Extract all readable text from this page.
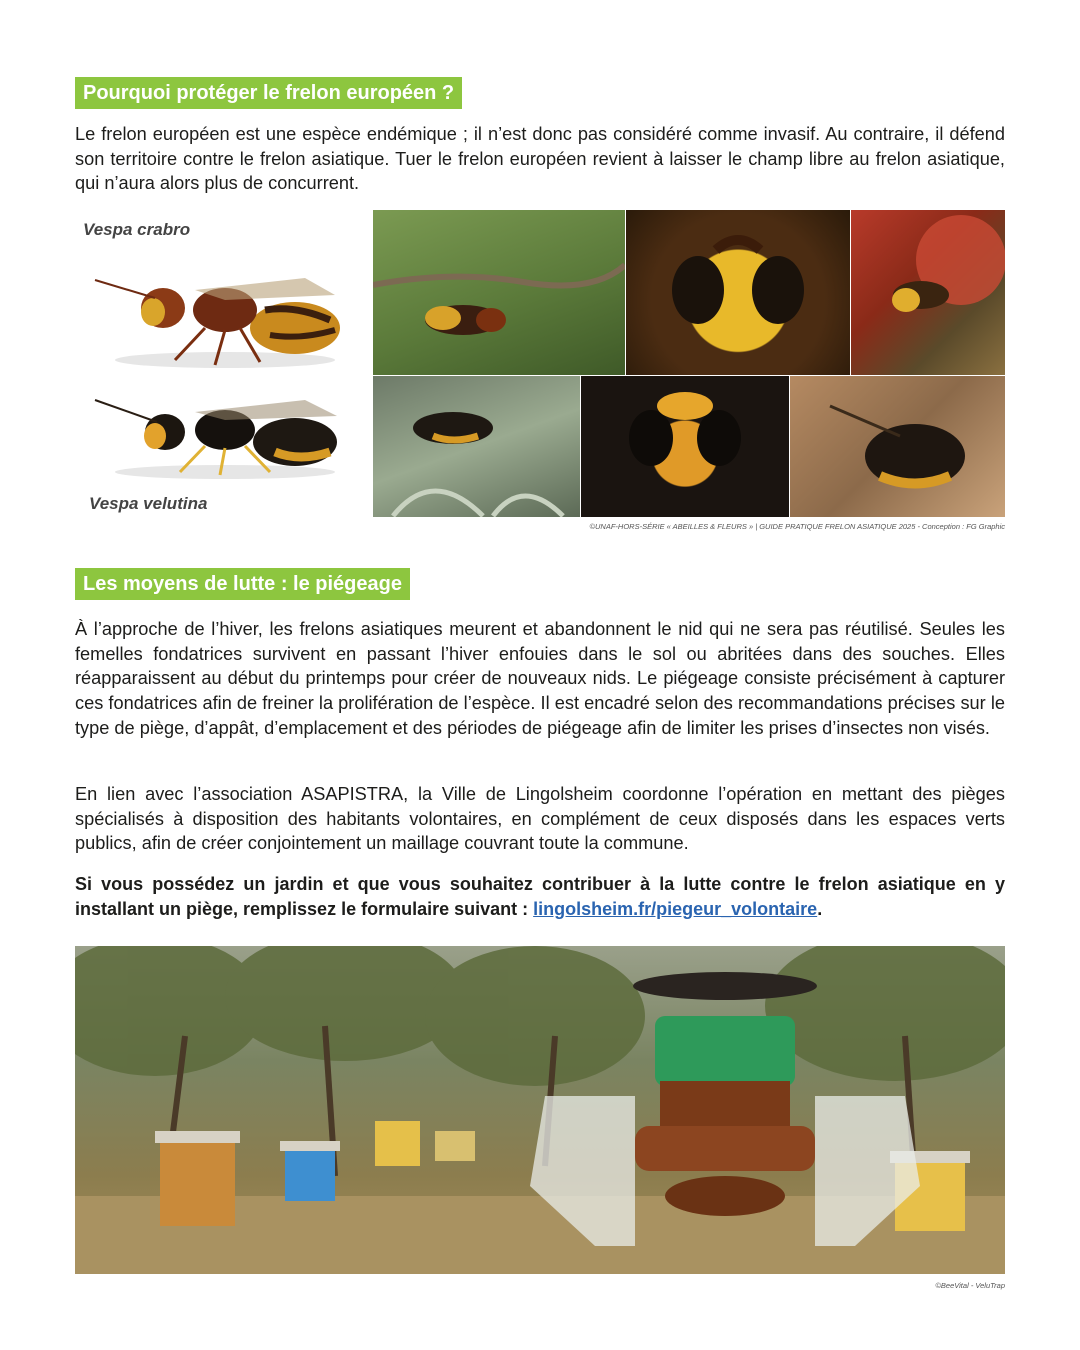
Pourquoi protéger le frelon européen ?

Le frelon européen est une espèce endémique ; il n’est donc pas considéré comme invasif. Au contraire, il défend son territoire contre le frelon asiatique. Tuer le frelon européen revient à laisser le champ libre au frelon asiatique, qui n’aura alors plus de concurrent.

Vespa crabro
Vespa velutina
©UNAF-HORS-SÉRIE « ABEILLES & FLEURS » | GUIDE PRATIQUE FRELON ASIATIQUE 2025 - Conception : FG Graphic
Les moyens de lutte : le piégeage

À l’approche de l’hiver, les frelons asiatiques meurent et abandonnent le nid qui ne sera pas réutilisé. Seules les femelles fondatrices survivent en passant l’hiver enfouies dans le sol ou abritées dans des souches. Elles réapparaissent au début du printemps pour créer de nouveaux nids. Le piégeage consiste précisément à capturer ces fondatrices afin de freiner la prolifération de l’espèce. Il est encadré selon des recommandations précises sur le type de piège, d’appât, d’emplacement et des périodes de piégeage afin de limiter les prises d’insectes non visés.

En lien avec l’association ASAPISTRA, la Ville de Lingolsheim coordonne l’opération en mettant des pièges spécialisés à disposition des habitants volontaires, en complément de ceux disposés dans les espaces verts publics, afin de créer conjointement un maillage couvrant toute la commune.

Si vous possédez un jardin et que vous souhaitez contribuer à la lutte contre le frelon asiatique en y installant un piège, remplissez le formulaire suivant : lingolsheim.fr/piegeur_volontaire.

©BeeVital - VeluTrap
